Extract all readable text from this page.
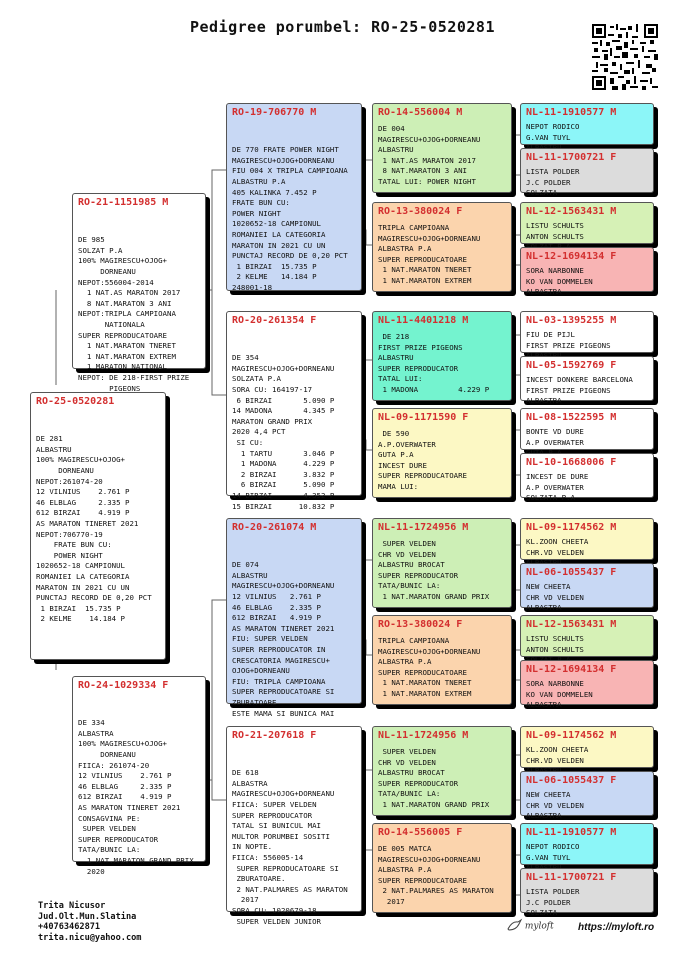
Pedigree porumbel: RO-25-0520281
RO-25-0520281

DE 281
ALBASTRU
100% MAGIRESCU+OJOG+
DORNEANU
NEPOT:261074-20
12 VILNIUS    2.761 P
46 ELBLAG     2.335 P
612 BIRZAI    4.919 P
AS MARATON TINERET 2021
NEPOT:706770-19
FRATE BUN CU:
POWER NIGHT
1020652-18 CAMPIONUL
ROMANIEI LA CATEGORIA
MARATON IN 2021 CU UN
PUNCTAJ RECORD DE 0,20 PCT
1 BIRZAI  15.735 P
2 KELME    14.184 P

RO-21-1151985 M

DE 985
SOLZAT P.A
100% MAGIRESCU+OJOG+
DORNEANU
NEPOT:556004-2014
1 NAT.AS MARATON 2017
8 NAT.MARATON 3 ANI
NEPOT:TRIPLA CAMPIOANA
NATIONALA
SUPER REPRODUCATOARE
1 NAT.MARATON TNERET
1 NAT.MARATON EXTREM
1 MARATON NATIONAL
NEPOT: DE 218-FIRST PRIZE
PIGEONS

RO-24-1029334 F

DE 334
ALBASTRA
100% MAGIRESCU+OJOG+
DORNEANU
FIICA: 261074-20
12 VILNIUS    2.761 P
46 ELBLAG     2.335 P
612 BIRZAI    4.919 P
AS MARATON TINERET 2021
CONSAGVINA PE:
SUPER VELDEN
SUPER REPRODUCATOR
TATA/BUNIC LA:
1 NAT.MARATON GRAND PRIX
2020

RO-19-706770 M

DE 770 FRATE POWER NIGHT
MAGIRESCU+OJOG+DORNEANU
FIU 004 X TRIPLA CAMPIOANA
ALBASTRU P.A
405 KALINKA 7.452 P
FRATE BUN CU:
POWER NIGHT
1020652-18 CAMPIONUL
ROMANIEI LA CATEGORIA
MARATON IN 2021 CU UN
PUNCTAJ RECORD DE 0,20 PCT
1 BIRZAI  15.735 P
2 KELME   14.184 P
248001-18

RO-20-261354 F

DE 354
MAGIRESCU+OJOG+DORNEANU
SOLZATA P.A
SORA CU: 164197-17
6 BIRZAI       5.090 P
14 MADONA       4.345 P
MARATON GRAND PRIX
2020 4,4 PCT
SI CU:
1 TARTU       3.046 P
1 MADONA      4.229 P
2 BIRZAI      3.832 P
6 BIRZAI      5.090 P
14 BIRZAI       4.352 P
15 BIRZAI      10.832 P

RO-20-261074 M

DE 074
ALBASTRU
MAGIRESCU+OJOG+DORNEANU
12 VILNIUS   2.761 P
46 ELBLAG    2.335 P
612 BIRZAI   4.919 P
AS MARATON TINERET 2021
FIU: SUPER VELDEN
SUPER REPRODUCATOR IN
CRESCATORIA MAGIRESCU+
OJOG+DORNEANU
FIU: TRIPLA CAMPIOANA
SUPER REPRODUCATOARE SI
ZBURATOARE
ESTE MAMA SI BUNICA MAI

RO-21-207618 F

DE 618
ALBASTRA
MAGIRESCU+OJOG+DORNEANU
FIICA: SUPER VELDEN
SUPER REPRODUCATOR
TATAL SI BUNICUL MAI
MULTOR PORUMBEI SOSITI
IN NOPTE.
FIICA: 556005-14
SUPER REPRODUCATOARE SI
ZBURATOARE.
2 NAT.PALMARES AS MARATON
2017
SORA CU: 1020679-18
SUPER VELDEN JUNIOR

RO-14-556004 M
DE 004
MAGIRESCU+OJOG+DORNEANU
ALBASTRU
1 NAT.AS MARATON 2017
8 NAT.MARATON 3 ANI
TATAL LUI: POWER NIGHT
RO-13-380024 F
TRIPLA CAMPIOANA
MAGIRESCU+OJOG+DORNEANU
ALBASTRA P.A
SUPER REPRODUCATOARE
1 NAT.MARATON TNERET
1 NAT.MARATON EXTREM
NL-11-4401218 M
DE 218
FIRST PRIZE PIGEONS
ALBASTRU
SUPER REPRODUCATOR
TATAL LUI:
1 MADONA         4.229 P
NL-09-1171590 F
DE 590
A.P.OVERWATER
GUTA P.A
INCEST DURE
SUPER REPRODUCATOARE
MAMA LUI:
NL-11-1724956 M
SUPER VELDEN
CHR VD VELDEN
ALBASTRU BROCAT
SUPER REPRODUCATOR
TATA/BUNIC LA:
1 NAT.MARATON GRAND PRIX
RO-13-380024 F
TRIPLA CAMPIOANA
MAGIRESCU+OJOG+DORNEANU
ALBASTRA P.A
SUPER REPRODUCATOARE
1 NAT.MARATON TNERET
1 NAT.MARATON EXTREM
NL-11-1724956 M
SUPER VELDEN
CHR VD VELDEN
ALBASTRU BROCAT
SUPER REPRODUCATOR
TATA/BUNIC LA:
1 NAT.MARATON GRAND PRIX
RO-14-556005 F
DE 005 MATCA
MAGIRESCU+OJOG+DORNEANU
ALBASTRA P.A
SUPER REPRODUCATOARE
2 NAT.PALMARES AS MARATON
2017
NL-11-1910577 M
NEPOT RODICO
G.VAN TUYL
NL-11-1700721 F
LISTA POLDER
J.C POLDER
SOLZATA
NL-12-1563431 M
LISTU SCHULTS
ANTON SCHULTS
NL-12-1694134 F
SORA NARBONNE
KO VAN DOMMELEN
ALBASTRA
NL-03-1395255 M
FIU DE PIJL
FIRST PRIZE PIGEONS
NL-05-1592769 F
INCEST DONKERE BARCELONA
FIRST PRIZE PIGEONS
ALBASTRA
NL-08-1522595 M
BONTE VD DURE
A.P OVERWATER
NL-10-1668006 F
INCEST DE DURE
A.P OVERWATER
SOLZATA P.A
NL-09-1174562 M
KL.ZOON CHEETA
CHR.VD VELDEN
NL-06-1055437 F
NEW CHEETA
CHR VD VELDEN
ALBASTRA
NL-12-1563431 M
LISTU SCHULTS
ANTON SCHULTS
NL-12-1694134 F
SORA NARBONNE
KO VAN DOMMELEN
ALBASTRA
NL-09-1174562 M
KL.ZOON CHEETA
CHR.VD VELDEN
NL-06-1055437 F
NEW CHEETA
CHR VD VELDEN
ALBASTRA
NL-11-1910577 M
NEPOT RODICO
G.VAN TUYL
NL-11-1700721 F
LISTA POLDER
J.C POLDER
SOLZATA
Trita Nicusor
Jud.Olt.Mun.Slatina
+40763462871
trita.nicu@yahoo.com
myloft https://myloft.ro
